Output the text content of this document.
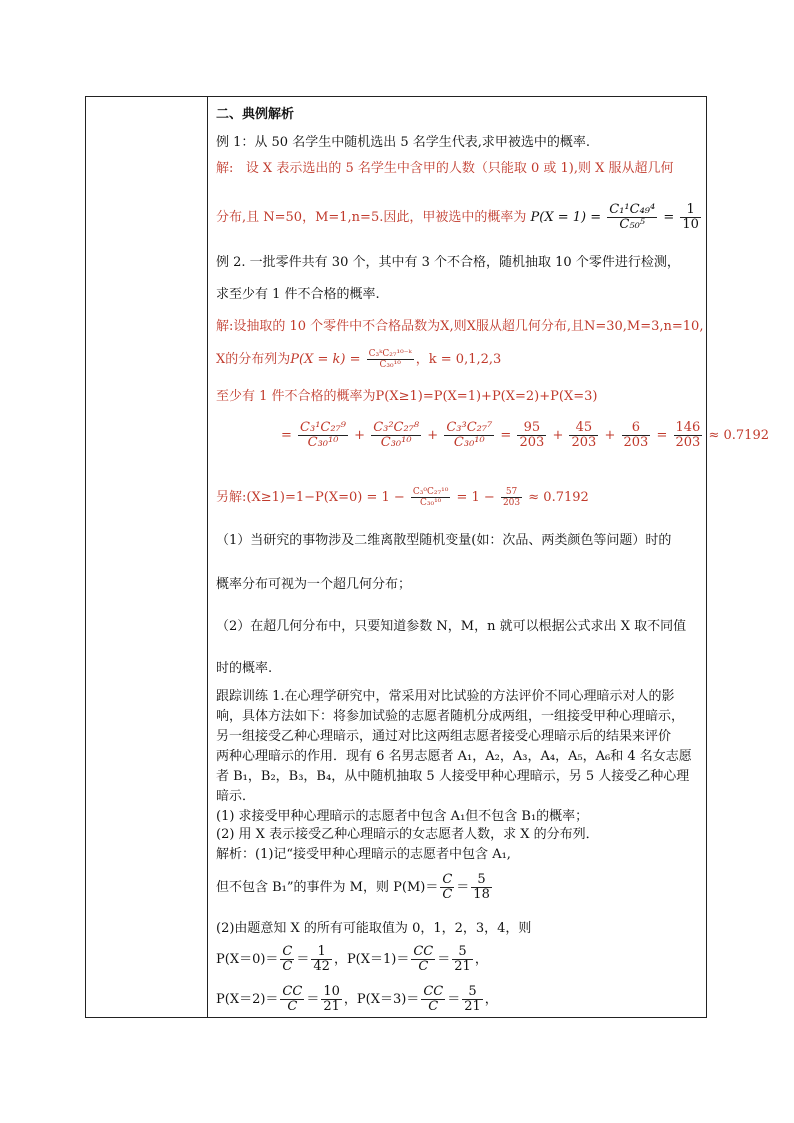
二、典例解析
例 1：从 50 名学生中随机选出 5 名学生代表,求甲被选中的概率.
解: 设 X 表示选出的 5 名学生中含甲的人数（只能取 0 或 1),则 X 服从超几何
分布,且 N=50，M=1,n=5.因此，甲被选中的概率为 $P(X = 1) = \frac{\text{C₁¹C₄₉⁴}}{\text{C₅₀⁵}} = \frac{1}{10}$
例 2. 一批零件共有 30 个，其中有 3 个不合格，随机抽取 10 个零件进行检测，
求至少有 1 件不合格的概率.
解:设抽取的 10 个零件中不合格品数为X,则X服从超几何分布,且N=30,M=3,n=10,
X的分布列为$P(X = k) = \frac{\text{C₃ᵏC₂₇¹⁰⁻ᵏ}}{\text{C₃₀¹⁰}}$ ，k = 0,1,2,3
至少有 1 件不合格的概率为P(X≥1)=P(X=1)+P(X=2)+P(X=3)
= $\frac{\text{C₃¹C₂₇⁹}}{\text{C₃₀¹⁰}} + \frac{\text{C₃²C₂₇⁸}}{\text{C₃₀¹⁰}} + \frac{\text{C₃³C₂₇⁷}}{\text{C₃₀¹⁰}} = \frac{95}{203} + \frac{45}{203} + \frac{6}{203} = \frac{146}{203} \approx 0.7192$
另解:(X≥1)=1−P(X=0) = $1 - \frac{\text{C₃⁰C₂₇¹⁰}}{\text{C₃₀¹⁰}} = 1 - \frac{57}{203} \approx 0.7192$
（1）当研究的事物涉及二维离散型随机变量(如：次品、两类颜色等问题）时的
概率分布可视为一个超几何分布；
（2）在超几何分布中，只要知道参数 N，M，n 就可以根据公式求出 X 取不同值
时的概率.
跟踪训练 1.在心理学研究中，常采用对比试验的方法评价不同心理暗示对人的影
响，具体方法如下：将参加试验的志愿者随机分成两组，一组接受甲种心理暗示，
另一组接受乙种心理暗示，通过对比这两组志愿者接受心理暗示后的结果来评价
两种心理暗示的作用．现有 6 名男志愿者 A₁，A₂，A₃，A₄，A₅，A₆和 4 名女志愿
者 B₁，B₂，B₃，B₄，从中随机抽取 5 人接受甲种心理暗示，另 5 人接受乙种心理
暗示．
(1) 求接受甲种心理暗示的志愿者中包含 A₁但不包含 B₁的概率；
(2) 用 X 表示接受乙种心理暗示的女志愿者人数，求 X 的分布列．
解析：(1)记“接受甲种心理暗示的志愿者中包含 A₁,
但不包含 B₁”的事件为 M，则 $P(M)= \frac{C}{C} = \frac{5}{18}$
(2)由题意知 X 的所有可能取值为 0，1，2，3，4，则
$P(X=0)= \frac{C}{C} = \frac{1}{42}$ ，$P(X=1)= \frac{CC}{C} = \frac{5}{21}$ ，
$P(X=2)= \frac{CC}{C} = \frac{10}{21}$ ，$P(X=3)= \frac{CC}{C} = \frac{5}{21}$ ，
